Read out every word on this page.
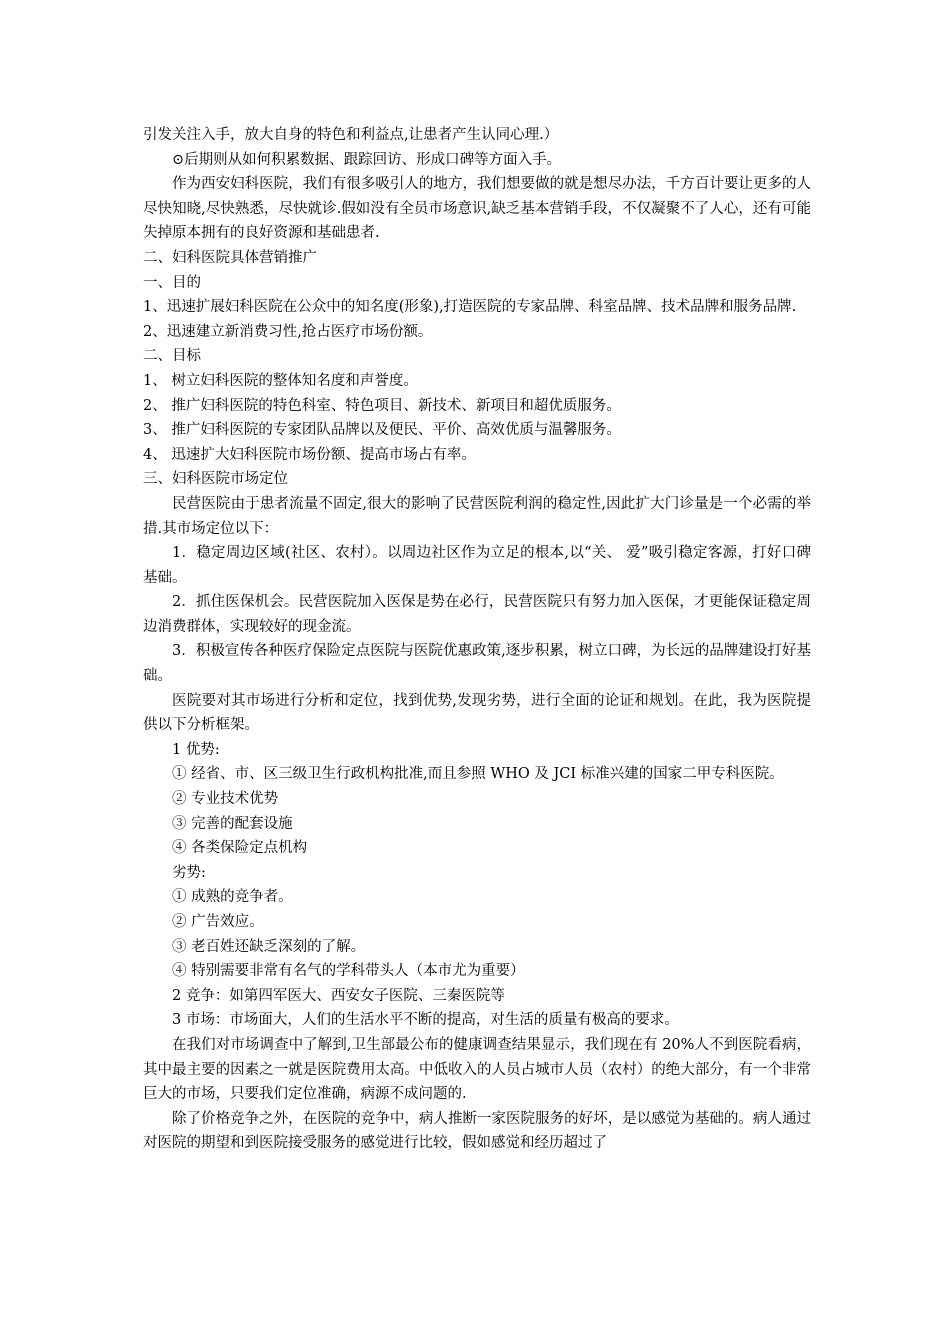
引发关注入手，放大自身的特色和利益点,让患者产生认同心理.）

⊙后期则从如何积累数据、跟踪回访、形成口碑等方面入手。

作为西安妇科医院，我们有很多吸引人的地方，我们想要做的就是想尽办法，千方百计要让更多的人尽快知晓,尽快熟悉，尽快就诊.假如没有全员市场意识,缺乏基本营销手段，不仅凝聚不了人心，还有可能失掉原本拥有的良好资源和基础患者.

二、妇科医院具体营销推广

一、目的

1、迅速扩展妇科医院在公众中的知名度(形象),打造医院的专家品牌、科室品牌、技术品牌和服务品牌.

2、迅速建立新消费习性,抢占医疗市场份额。

二、目标

1、 树立妇科医院的整体知名度和声誉度。

2、 推广妇科医院的特色科室、特色项目、新技术、新项目和超优质服务。

3、 推广妇科医院的专家团队品牌以及便民、平价、高效优质与温馨服务。

4、 迅速扩大妇科医院市场份额、提高市场占有率。

三、妇科医院市场定位

民营医院由于患者流量不固定,很大的影响了民营医院利润的稳定性,因此扩大门诊量是一个必需的举措.其市场定位以下：

1．稳定周边区域(社区、农村）。以周边社区作为立足的根本,以“关、 爱”吸引稳定客源，打好口碑基础。

2．抓住医保机会。民营医院加入医保是势在必行，民营医院只有努力加入医保，才更能保证稳定周边消费群体，实现较好的现金流。

3．积极宣传各种医疗保险定点医院与医院优惠政策,逐步积累，树立口碑，为长远的品牌建设打好基础。

医院要对其市场进行分析和定位，找到优势,发现劣势，进行全面的论证和规划。在此，我为医院提供以下分析框架。

1 优势:

① 经省、市、区三级卫生行政机构批准,而且参照 WHO 及 JCI 标准兴建的国家二甲专科医院。

② 专业技术优势

③ 完善的配套设施

④ 各类保险定点机构

劣势:

① 成熟的竞争者。

② 广告效应。

③ 老百姓还缺乏深刻的了解。

④ 特别需要非常有名气的学科带头人（本市尤为重要）

2 竞争：如第四军医大、西安女子医院、三秦医院等

3 市场：市场面大，人们的生活水平不断的提高，对生活的质量有极高的要求。

在我们对市场调查中了解到,卫生部最公布的健康调查结果显示，我们现在有 20%人不到医院看病，其中最主要的因素之一就是医院费用太高。中低收入的人员占城市人员（农村）的绝大部分，有一个非常巨大的市场，只要我们定位准确，病源不成问题的.

除了价格竞争之外，在医院的竞争中，病人推断一家医院服务的好坏，是以感觉为基础的。病人通过对医院的期望和到医院接受服务的感觉进行比较，假如感觉和经历超过了
